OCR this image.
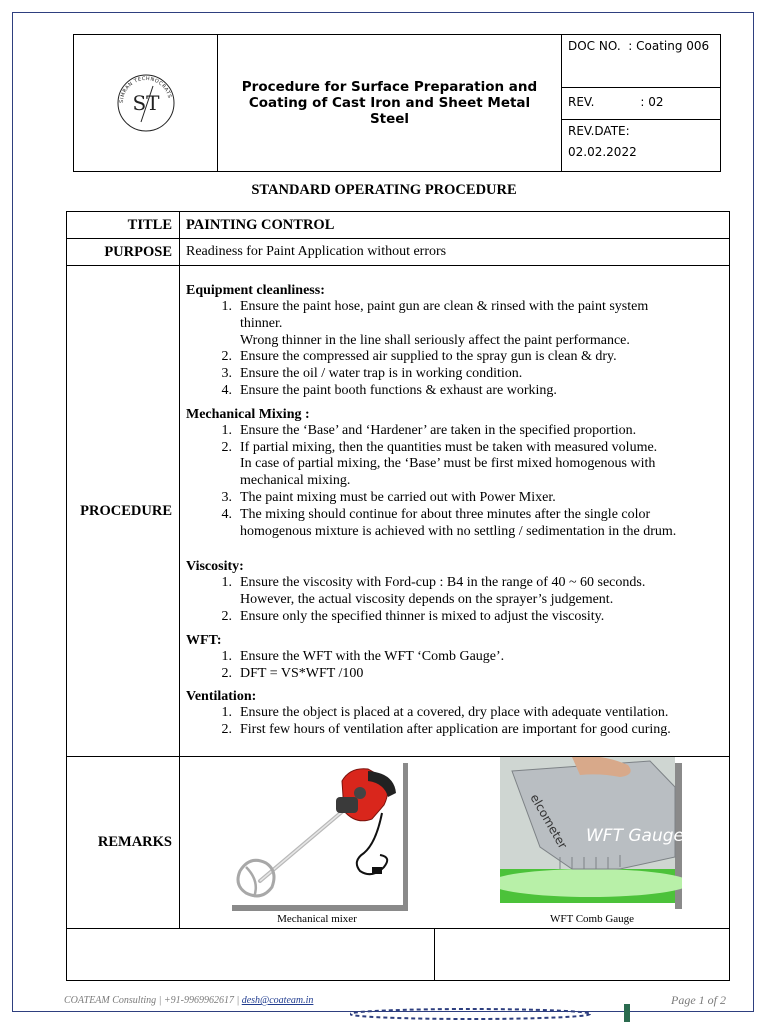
SIMRAN TECHNOCRATS
ST
Procedure for Surface Preparation and Coating of Cast Iron and Sheet Metal Steel
DOC NO. : Coating 006
REV.	: 02
REV.DATE:
02.02.2022
STANDARD OPERATING PROCEDURE
TITLE PAINTING CONTROL
PURPOSE	Readiness for Paint Application without errors
PROCEDURE
Equipment cleanliness:
1. Ensure the paint hose, paint gun are clean & rinsed with the paint system
thinner.
Wrong thinner in the line shall seriously affect the paint performance.
2. Ensure the compressed air supplied to the spray gun is clean & dry.
3. Ensure the oil / water trap is in working condition.
4. Ensure the paint booth functions & exhaust are working.
Mechanical Mixing :
1. Ensure the ‘Base’ and ‘Hardener’ are taken in the specified proportion.
2. If partial mixing, then the quantities must be taken with measured volume.
In case of partial mixing, the ‘Base’ must be first mixed homogenous with
mechanical mixing.
3. The paint mixing must be carried out with Power Mixer.
4. The mixing should continue for about three minutes after the single color
homogenous mixture is achieved with no settling / sedimentation in the drum.
Viscosity:
1. Ensure the viscosity with Ford-cup : B4 in the range of 40 ~ 60 seconds.
However, the actual viscosity depends on the sprayer’s judgement.
2. Ensure only the specified thinner is mixed to adjust the viscosity.
WFT:
1. Ensure the WFT with the WFT ‘Comb Gauge’.
2. DFT = VS*WFT /100
Ventilation:
1. Ensure the object is placed at a covered, dry place with adequate ventilation.
2. First few hours of ventilation after application are important for good curing.
REMARKS	elcometer WFT Gauge
Mechanical mixer	WFT Comb Gauge
COATEAM Consulting | +91-9969962617 | desh@coateam.in	Page 1 of 2
